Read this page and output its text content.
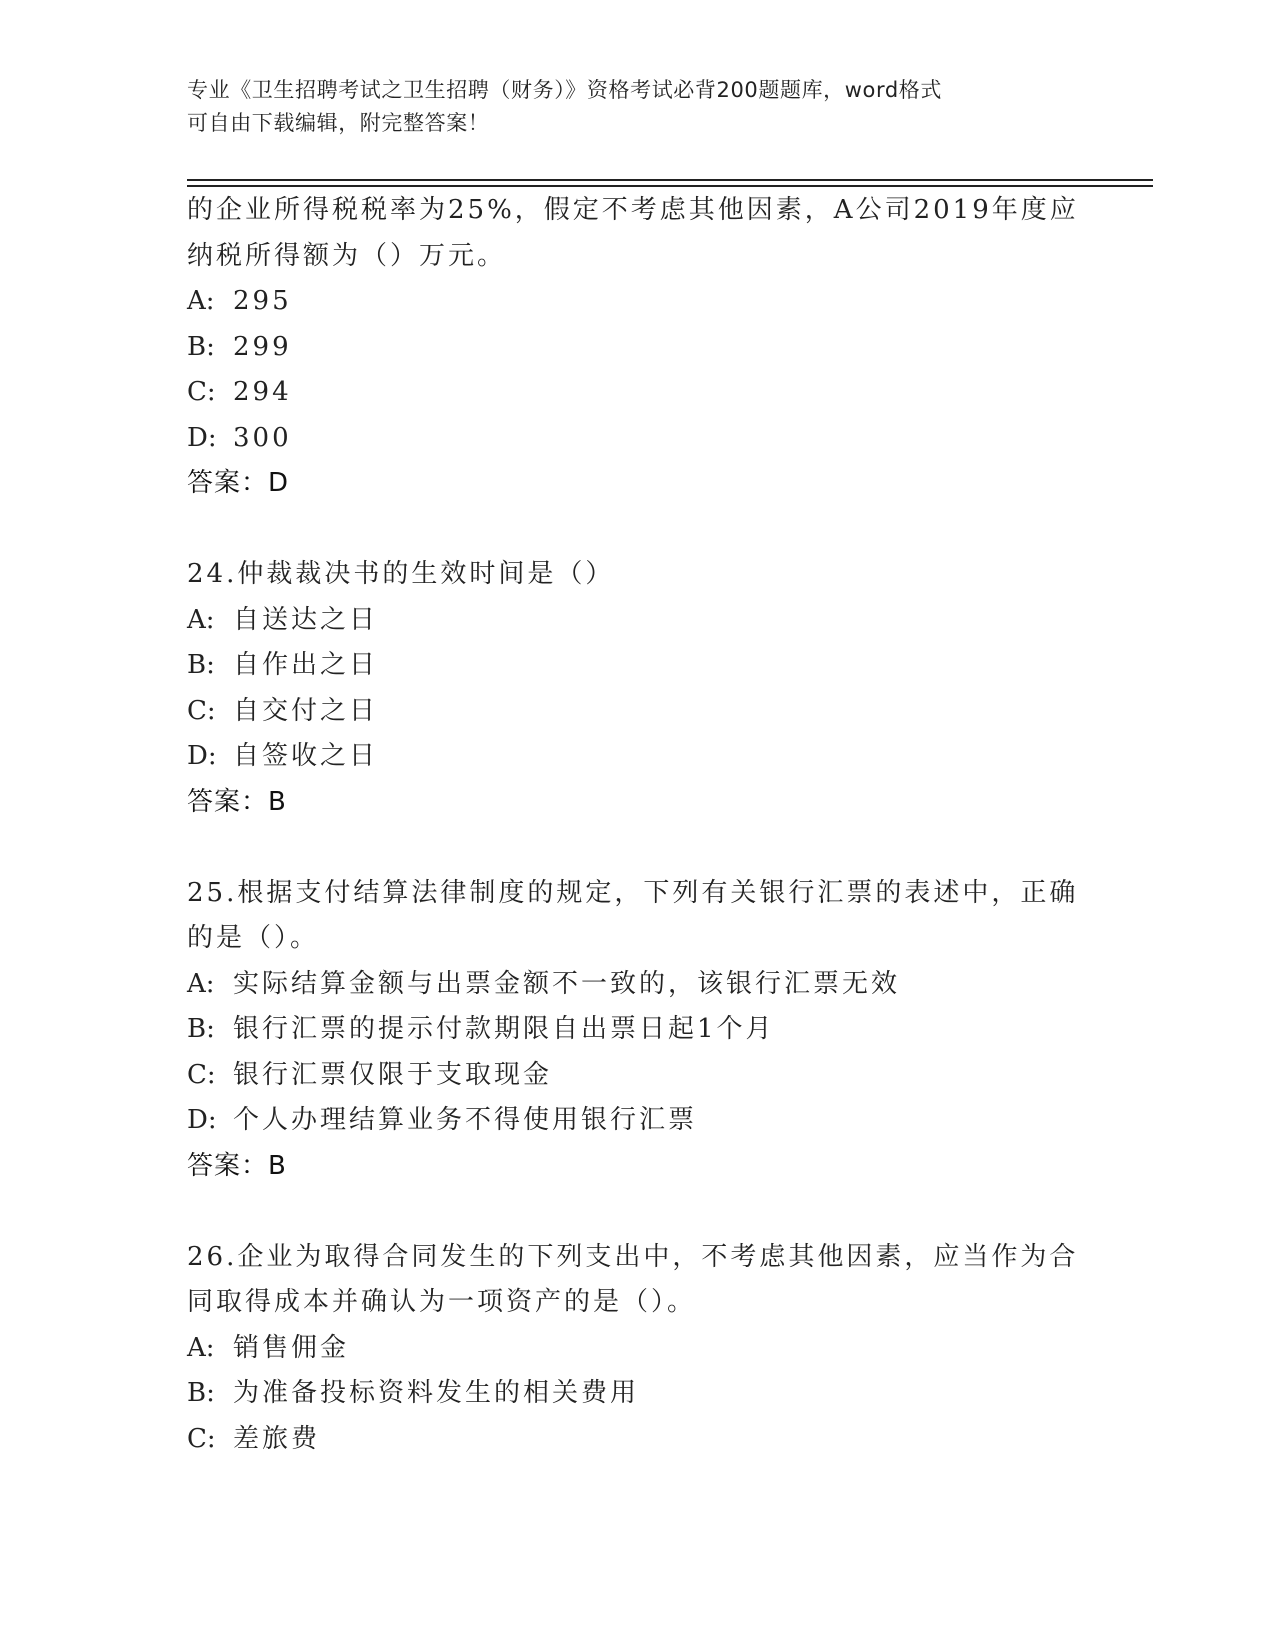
专业《卫生招聘考试之卫生招聘（财务）》资格考试必背200题题库，word格式
可自由下载编辑，附完整答案！
的企业所得税税率为25%，假定不考虑其他因素，A公司2019年度应
纳税所得额为（）万元。
A: 295
B: 299
C: 294
D: 300
答案：D
24.仲裁裁决书的生效时间是（）
A: 自送达之日
B: 自作出之日
C: 自交付之日
D: 自签收之日
答案：B
25.根据支付结算法律制度的规定，下列有关银行汇票的表述中，正确
的是（）。
A: 实际结算金额与出票金额不一致的，该银行汇票无效
B: 银行汇票的提示付款期限自出票日起1个月
C: 银行汇票仅限于支取现金
D: 个人办理结算业务不得使用银行汇票
答案：B
26.企业为取得合同发生的下列支出中，不考虑其他因素，应当作为合
同取得成本并确认为一项资产的是（）。
A: 销售佣金
B: 为准备投标资料发生的相关费用
C: 差旅费
